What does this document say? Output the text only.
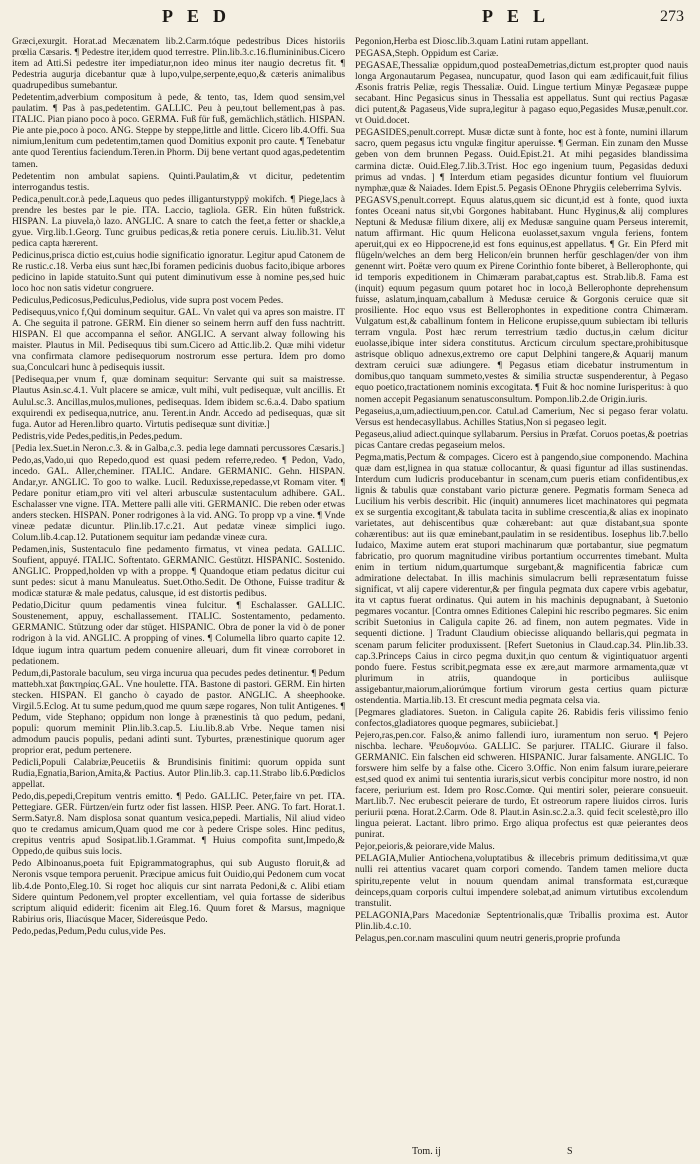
PED	PEL	273

Græci,exurgit. Horat.ad Mecænatem lib.2.Carm.tóque pedestribus Dices historiis prœlia Cæsaris. ¶ Pedestre iter,idem quod terrestre. Plin.lib.3.c.16.flumininibus.Cicero item ad Atti.Si pedestre iter impediatur,non ideo minus iter naugio decretus fit. ¶ Pedestria augurja dicebantur quæ à lupo,vulpe,serpente,equo,& cæteris animalibus quadrupedibus sumebantur.

Pedetentim,adverbium compositum à pede, & tento, tas, Idem quod sensim,vel paulatim. ¶ Pas à pas,pedetentim. GALLIC. Peu à peu,tout bellement,pas à pas. ITALIC. Pian piano poco à poco. GERMA. Fuß für fuß, gemächlich,stätlich. HISPAN. Pie ante pie,poco à poco. ANG. Steppe by steppe,little and little. Cicero lib.4.Offi. Sua nimium,lenitum cum pedetentim,tamen quod Domitius exponit pro caute. ¶ Tenebatur ante quod Terentius faciendum.Teren.in Phorm. Dij bene vertant quod agas,pedetentim tamen.

Pedetentim non ambulat sapiens. Quinti.Paulatim,& vt dicitur, pedetentim interrogandus testis.

Pedica,penult.cor.à pede,Laqueus quo pedes illiganturstyppÿ mokifch. ¶ Piege,lacs à prendre les bestes par le pie. ITA. Laccio, tagliola. GER. Ein hüten fußstrick. HISPAN. La piuvela,ò lazo. ANGLIC. A snare to catch the feet,a fetter or shackle,a gyue. Virg.lib.1.Georg. Tunc gruibus pedicas,& retia ponere ceruis. Liu.lib.31. Velut pedica capta hærerent.

Pedicinus,prisca dictio est,cuius hodie significatio ignoratur. Legitur apud Catonem de Re rustic.c.18. Verba eius sunt hæc,Ibi foramen pedicinis duobus facito,ibique arbores pedicino in lapide statuito.Sunt qui putent diminutivum esse à nomine pes,sed huic loco hoc non satis videtur congruere.

Pediculus,Pedicosus,Pediculus,Pediolus, vide supra post vocem Pedes.

Pedisequus,vnico f,Qui dominum sequitur. GAL. Vn valet qui va apres son maistre. IT A. Che seguita il patrone. GERM. Ein diener so seinem herrn auff den fuss nachtritt. HISPAN. El que accompanna el señor. ANGLIC. A servant alway following his maister. Plautus in Mil. Pedisequus tibi sum.Cicero ad Attic.lib.2. Quæ mihi videtur vna confirmata clamore pedisequorum nostrorum esse pertura. Idem pro domo sua,Conculcari hunc à pedisequis iussit.

[Pedisequa,per vnum f, quæ dominam sequitur: Servante qui suit sa maistresse. Plautus Asin.sc.4.1. Vult placere se amicæ, vult mihi, vult pedisequæ, vult ancillis. Et Aulul.sc.3. Ancillas,mulos,muliones, pedisequas. Idem ibidem sc.6.a.4. Dabo spatium exquirendi ex pedisequa,nutrice, anu. Terent.in Andr. Accedo ad pedisequas, quæ sit fuga. Autor ad Heren.libro quarto. Virtutis pedisequæ sunt divitiæ.]

Pedistris,vide Pedes,peditis,in Pedes,pedum.

[Pedia lex.Suet.in Neron.c.3. & in Galba,c.3. pedia lege damnati percussores Cæsaris.]

Pedo,as,Vado,ui quo Repedo,quod est quasi pedem referre,redeo. ¶ Pedon, Vado, incedo. GAL. Aller,cheminer. ITALIC. Andare. GERMANIC. Gehn. HISPAN. Andar,yr. ANGLIC. To goo to walke. Lucil. Reduxisse,repedasse,vt Romam viter. ¶ Pedare ponitur etiam,pro viti vel alteri arbusculæ sustentaculum adhibere. GAL. Eschalasser vne vigne. ITA. Mettere palli alle viti. GERMANIC. Die reben oder etwas anders stecken. HISPAN. Poner rodrigones à la vid. ANG. To propp vp a vine. ¶ Vnde vineæ pedatæ dicuntur. Plin.lib.17.c.21. Aut pedatæ vineæ simplici iugo. Colum.lib.4.cap.12. Putationem sequitur iam pedandæ vineæ cura.

Pedamen,inis, Sustentaculo fine pedamento firmatus, vt vinea pedata. GALLIC. Soufient, appuyé. ITALIC. Softentato. GERMANIC. Gestützt. HISPANIC. Sostenido. ANGLIC. Propped,holden vp with a proppe. ¶ Quandoque etiam pedatus dicitur cui sunt pedes: sicut à manu Manuleatus. Suet.Otho.Sedit. De Othone, Fuisse traditur & modicæ staturæ & male pedatus, calusque, id est distortis pedibus.

Pedatio,Dicitur quum pedamentis vinea fulcitur. ¶ Eschalasser. GALLIC. Soustenement, appuy, eschallassement. ITALIC. Sostentamento, pedamento. GERMANIC. Stützung oder dar stüget. HISPANIC. Obra de poner la vid ò de poner rodrigon à la vid. ANGLIC. A propping of vines. ¶ Columella libro quarto capite 12. Idque iugum intra quartum pedem conuenire alleuari, dum fit vineæ corroboret in pedationem.

Pedum,di,Pastorale baculum, seu virga incurua qua pecudes pedes detinentur. ¶ Pedum mattebh.xat βακτηρίας.GAL. Vne houlette. ITA. Bastone di pastori. GERM. Ein hirten stecken. HISPAN. El gancho ò cayado de pastor. ANGLIC. A sheephooke. Virgil.5.Eclog. At tu sume pedum,quod me quum sæpe rogares, Non tulit Antigenes. ¶ Pedum, vide Stephano; oppidum non longe à prænestinis tà quo pedum, pedani, populi: quorum meminit Plin.lib.3.cap.5. Liu.lib.8.ab Vrbe. Neque tamen nisi admodum paucis populis, pedani adinti sunt. Tyburtes, prænestinique quorum ager proprior erat, pedum pertenere.

Pedicli,Populi Calabriæ,Peucetiis & Brundisinis finitimi: quorum oppida sunt Rudia,Egnatia,Barion,Amita,& Pactius. Autor Plin.lib.3. cap.11.Strabo lib.6.Pœdiclos appellat.

Pedo,dis,pepedi,Crepitum ventris emitto. ¶ Pedo. GALLIC. Peter,faire vn pet. ITA. Pettegiare. GER. Fürtzen/ein furtz oder fist lassen. HISP. Peer. ANG. To fart. Horat.1. Serm.Satyr.8. Nam displosa sonat quantum vesica,pepedi. Martialis, Nil aliud video quo te credamus amicum,Quam quod me cor à pedere Crispe soles. Hinc peditus, crepitus ventris apud Sosipat.lib.1.Grammat. ¶ Huius compofita sunt,Impedo,& Oppedo,de quibus suis locis.

Pedo Albinoanus,poeta fuit Epigrammatographus, qui sub Augusto floruit,& ad Neronis vsque tempora peruenit. Præcipue amicus fuit Ouidio,qui Pedonem cum vocat lib.4.de Ponto,Eleg.10. Si roget hoc aliquis cur sint narrata Pedoni,& c. Alibi etiam Sidere quintum Pedonem,vel propter excellentiam, vel quia fortasse de sideribus scriptum aliquid ediderit: ficenim ait Eleg.16. Quum foret & Marsus, magnique Rabirius oris, Iliacúsque Macer, Sidereúsque Pedo.

Pedo,pedas,Pedum,Pedu culus,vide Pes.

Pegonion,Herba est Diosc.lib.3.quam Latini rutam appellant.

PEGASA,Steph. Oppidum est Cariæ.

PEGASAE,Thessaliæ oppidum,quod posteaDemetrias,dictum est,propter quod nauis longa Argonautarum Pegasea, nuncupatur, quod Iason qui eam ædificauit,fuit filius Æsonis fratris Peliæ, regis Thessaliæ. Ouid. Lingue tertium Minyæ Pegasææ puppe secabant. Hinc Pegasicus sinus in Thessalia est appellatus. Sunt qui rectius Pagasæ dici putent,& Pagaseus,Vide supra,legitur à pagaso equo,Pegasides Musæ,penult.cor. vt Ouid.docet.

PEGASIDES,penult.corrept. Musæ dictæ sunt à fonte, hoc est à fonte, numini illarum sacro, quem pegasus ictu vngulæ fingitur aperuisse. ¶ German. Ein zunam den Musse geben von dem brunnen Pegass. Ouid.Epist.21. At mihi pegasides blandissima carmina dictæ. Ouid.Eleg.7.lib.3.Trist. Hoc ego ingenium tuum, Pegasidas deduxi primus ad vndas. ] ¶ Interdum etiam pegasides dicuntur fontium vel fluuiorum nymphæ,quæ & Naiades. Idem Epist.5. Pegasis OEnone Phrygiis celeberrima Sylvis.

PEGASVS,penult.corrept. Equus alatus,quem sic dicunt,id est à fonte, quod iuxta fontes Oceani natus sit,vbi Gorgones habitabant. Hunc Hyginus,& alij complures Neptuni & Medusæ filium dixere, alij ex Medusæ sanguine quam Perseus interemit, natum affirmant. Hic quum Helicona euolasset,saxum vngula feriens, fontem aperuit,qui ex eo Hippocrene,id est fons equinus,est appellatus. ¶ Gr. Ein Pferd mit flügeln/welches an dem berg Helicon/ein brunnen herfür geschlagen/der von ihm genennt wirt. Poëtæ vero quum ex Pirene Corinthio fonte biberet, à Bellerophonte, qui id temporis expeditionem in Chimæram parabat,captus est. Strab.lib.8. Fama est (inquit) equum pegasum quum potaret hoc in loco,à Bellerophonte deprehensum fuisse, aslatum,inquam,caballum à Medusæ ceruice & Gorgonis ceruice quæ sit prosiliente. Hoc equo vsus est Bellerophontes in expeditione contra Chimæram. Vulgatum est,& caballinum fontem in Helicone erupisse,quum subiectam ibi telluris terram vngula. Post hæc rerum terrestrium tædio ductus,in cælum dicitur euolasse,ibique inter sidera constitutus. Arcticum circulum spectare,prohibitusque astrisque obliquo adnexus,extremo ore caput Delphini tangere,& Aquarij manum dextram ceruici suæ adiungere. ¶ Pegasus etiam dicebatur instrumentum in domibus,quo tanquam summeto,vestes & similia structæ suspenderentur, à Pegaso equo poetico,tractationem nominis excogitata. ¶ Fuit & hoc nomine Iurisperitus: à quo nomen accepit Pegasianum senatusconsultum. Pompon.lib.2.de Origin.iuris.

Pegaseius,a,um,adiectiuum,pen.cor. Catul.ad Camerium, Nec si pegaso ferar volatu. Versus est hendecasyllabus. Achilles Statius,Non si pegaseo legit.

Pegaseus,aliud adiect.quinque syllabarum. Persius in Præfat. Coruos poetas,& poetrias picas Cantare credas pegaseium melos.

Pegma,matis,Pectum & compages. Cicero est à pangendo,siue componendo. Machina quæ dam est,lignea in qua statuæ collocantur, & quasi figuntur ad illas sustinendas. Interdum cum ludicris producebantur in scenam,cum pueris etiam confidentibus,ex lignis & tabulis quæ constabant vario picturæ genere. Pegmatis formam Seneca ad Lucilium his verbis describit. Hic (inquit) annumeres licet machinatores qui pegmata ex se surgentia excogitant,& tabulata tacita in sublime crescentia,& alias ex inopinato varietates, aut dehiscentibus quæ cohærebant: aut quæ distabant,sua sponte cohærentibus: aut iis quæ eminebant,paulatim in se residentibus. Iosephus lib.7.bello Iudaico, Maxime autem erat stupori machinarum quæ portabantur, siue pegmatum fabricatio, pro quorum magnitudine viribus portantium occurrentes timebant. Multa enim in tertium nidum,quartumque surgebant,& magnificentia fabricæ cum admiratione delectabat. In illis machinis simulacrum belli repræsentatum fuisse significat, vt alij capere viderentur,& per fingula pegmata dux capere vrbis agebatur, ita vt captus fuerat ordinatus. Qui autem in his machinis depugnabant, à Suetonio pegmares vocantur. [Contra omnes Editiones Calepini hic rescribo pegmares. Sic enim scribit Suetonius in Caligula capite 26. ad finem, non autem pegmates. Vide in sequenti dictione. ] Tradunt Claudium obiecisse aliquando bellaris,qui pegmata in scenam parum feliciter produxissent. [Refert Suetonius in Claud.cap.34. Plin.lib.33. cap.3.Princeps Caius in circo pegma duxit,in quo centum & vigintiquatuor argenti pondo fuere. Festus scribit,pegmata esse ex ære,aut marmore armamenta,quæ vt plurimum in atriis, quandoque in porticibus auliisque assigebantur,maiorum,aliorúmque fortium virorum gesta certius quam picturæ ostendentia. Martia.lib.13. Et crescunt media pegmata celsa via.

[Pegmares gladiatores. Sueton. in Caligula capite 26. Rabidis feris vilissimo fenio confectos,gladiatores quoque pegmares, subiiciebat.]

Pejero,ras,pen.cor. Falso,& animo fallendi iuro, iuramentum non seruo. ¶ Pejero nischba. lechare. Ψευδομνύω. GALLIC. Se parjurer. ITALIC. Giurare il falso. GERMANIC. Ein falschen eid schweren. HISPANIC. Jurar falsamente. ANGLIC. To forswere him selfe by a false othe. Cicero 3.Offic. Non enim falsum iurare,peierare est,sed quod ex animi tui sententia iuraris,sicut verbis concipitur more nostro, id non facere, periurium est. Idem pro Rosc.Comœ. Qui mentiri soler, peierare consueuit. Mart.lib.7. Nec erubescit peierare de turdo, Et ostreorum rapere liuidos cirros. Iuris periurii pœna. Horat.2.Carm. Ode 8. Plaut.in Asin.sc.2.a.3. quid fecit scelestè,pro illo lingua peierat. Lactant. libro primo. Ergo aliqua profectus est quæ peierantes deos punirat.

Pejor,peioris,& peiorare,vide Malus.

PELAGIA,Mulier Antiochena,voluptatibus & illecebris primum deditissima,vt quæ nulli rei attentius vacaret quam corpori comendo. Tandem tamen meliore ducta spiritu,repente velut in nouum quendam animal transformata est,curæque deinceps,quam corporis cultui impendere solebat,ad animum virtutibus excolendum transtulit.

PELAGONIA,Pars Macedoniæ Septentrionalis,quæ Triballis proxima est. Autor Plin.lib.4.c.10.

Pelagus,pen.cor.nam masculini quum neutri generis,proprie profunda

Tom. ij	S
